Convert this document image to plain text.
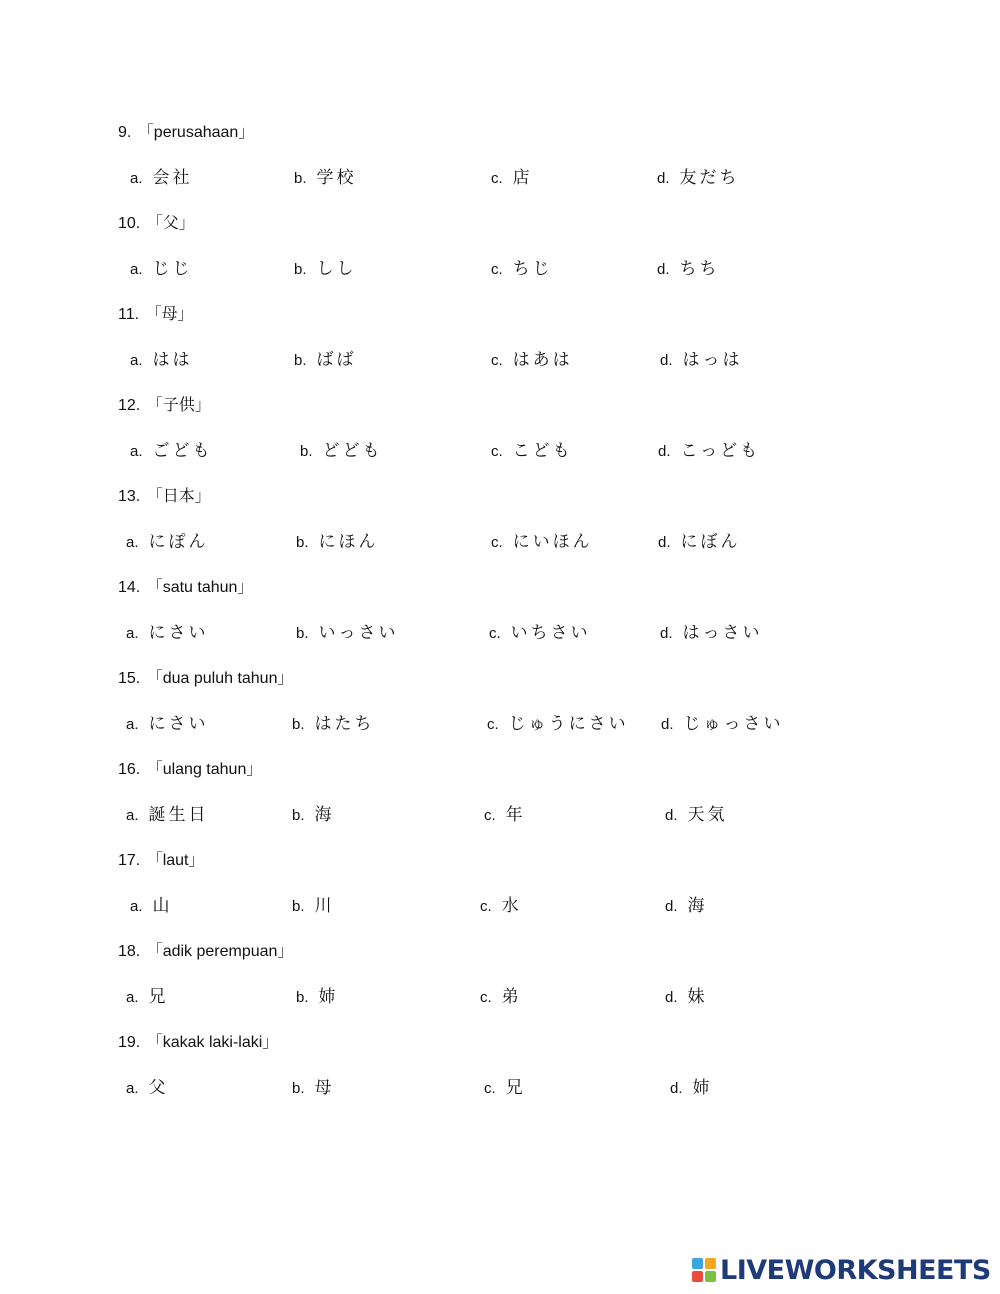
9. 「perusahaan」
a. 会社	b. 学校	c. 店	d. 友だち
10. 「父」
a. じじ	b. しし	c. ちじ	d. ちち
11. 「母」
a. はは	b. ばば	c. はあは	d. はっは
12. 「子供」
a. ごども	b. どども	c. こども	d. こっども
13. 「日本」
a. にぽん	b. にほん	c. にいほん	d. にぼん
14. 「satu tahun」
a. にさい	b. いっさい	c. いちさい	d. はっさい
15. 「dua puluh tahun」
a. にさい	b. はたち	c. じゅうにさい d. じゅっさい
16. 「ulang tahun」
a. 誕生日	b. 海	c. 年	d. 天気
17. 「laut」
a. 山	b. 川	c. 水	d. 海
18. 「adik perempuan」
a. 兄	b. 姉	c. 弟	d. 妹
19. 「kakak laki-laki」
a. 父	b. 母	c. 兄	d. 姉
LIVEWORKSHEETS
